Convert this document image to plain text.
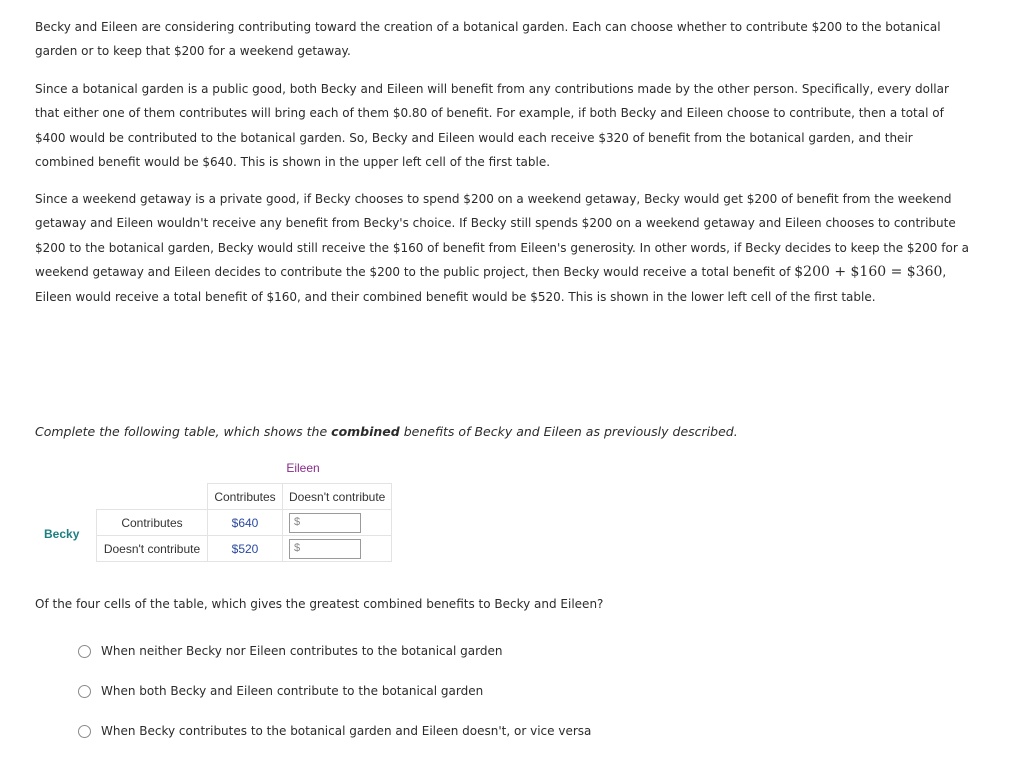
Becky and Eileen are considering contributing toward the creation of a botanical garden. Each can choose whether to contribute $200 to the botanical garden or to keep that $200 for a weekend getaway.

Since a botanical garden is a public good, both Becky and Eileen will benefit from any contributions made by the other person. Specifically, every dollar that either one of them contributes will bring each of them $0.80 of benefit. For example, if both Becky and Eileen choose to contribute, then a total of $400 would be contributed to the botanical garden. So, Becky and Eileen would each receive $320 of benefit from the botanical garden, and their combined benefit would be $640. This is shown in the upper left cell of the first table.

Since a weekend getaway is a private good, if Becky chooses to spend $200 on a weekend getaway, Becky would get $200 of benefit from the weekend getaway and Eileen wouldn't receive any benefit from Becky's choice. If Becky still spends $200 on a weekend getaway and Eileen chooses to contribute $200 to the botanical garden, Becky would still receive the $160 of benefit from Eileen's generosity. In other words, if Becky decides to keep the $200 for a weekend getaway and Eileen decides to contribute the $200 to the public project, then Becky would receive a total benefit of $200 + $160 = $360, Eileen would receive a total benefit of $160, and their combined benefit would be $520. This is shown in the lower left cell of the first table.

Complete the following table, which shows the combined benefits of Becky and Eileen as previously described.
Eileen
Becky
	Contributes	Doesn't contribute
Contributes	$640	$

Doesn't contribute	$520	$
Of the four cells of the table, which gives the greatest combined benefits to Becky and Eileen?
When neither Becky nor Eileen contributes to the botanical garden
When both Becky and Eileen contribute to the botanical garden
When Becky contributes to the botanical garden and Eileen doesn't, or vice versa
